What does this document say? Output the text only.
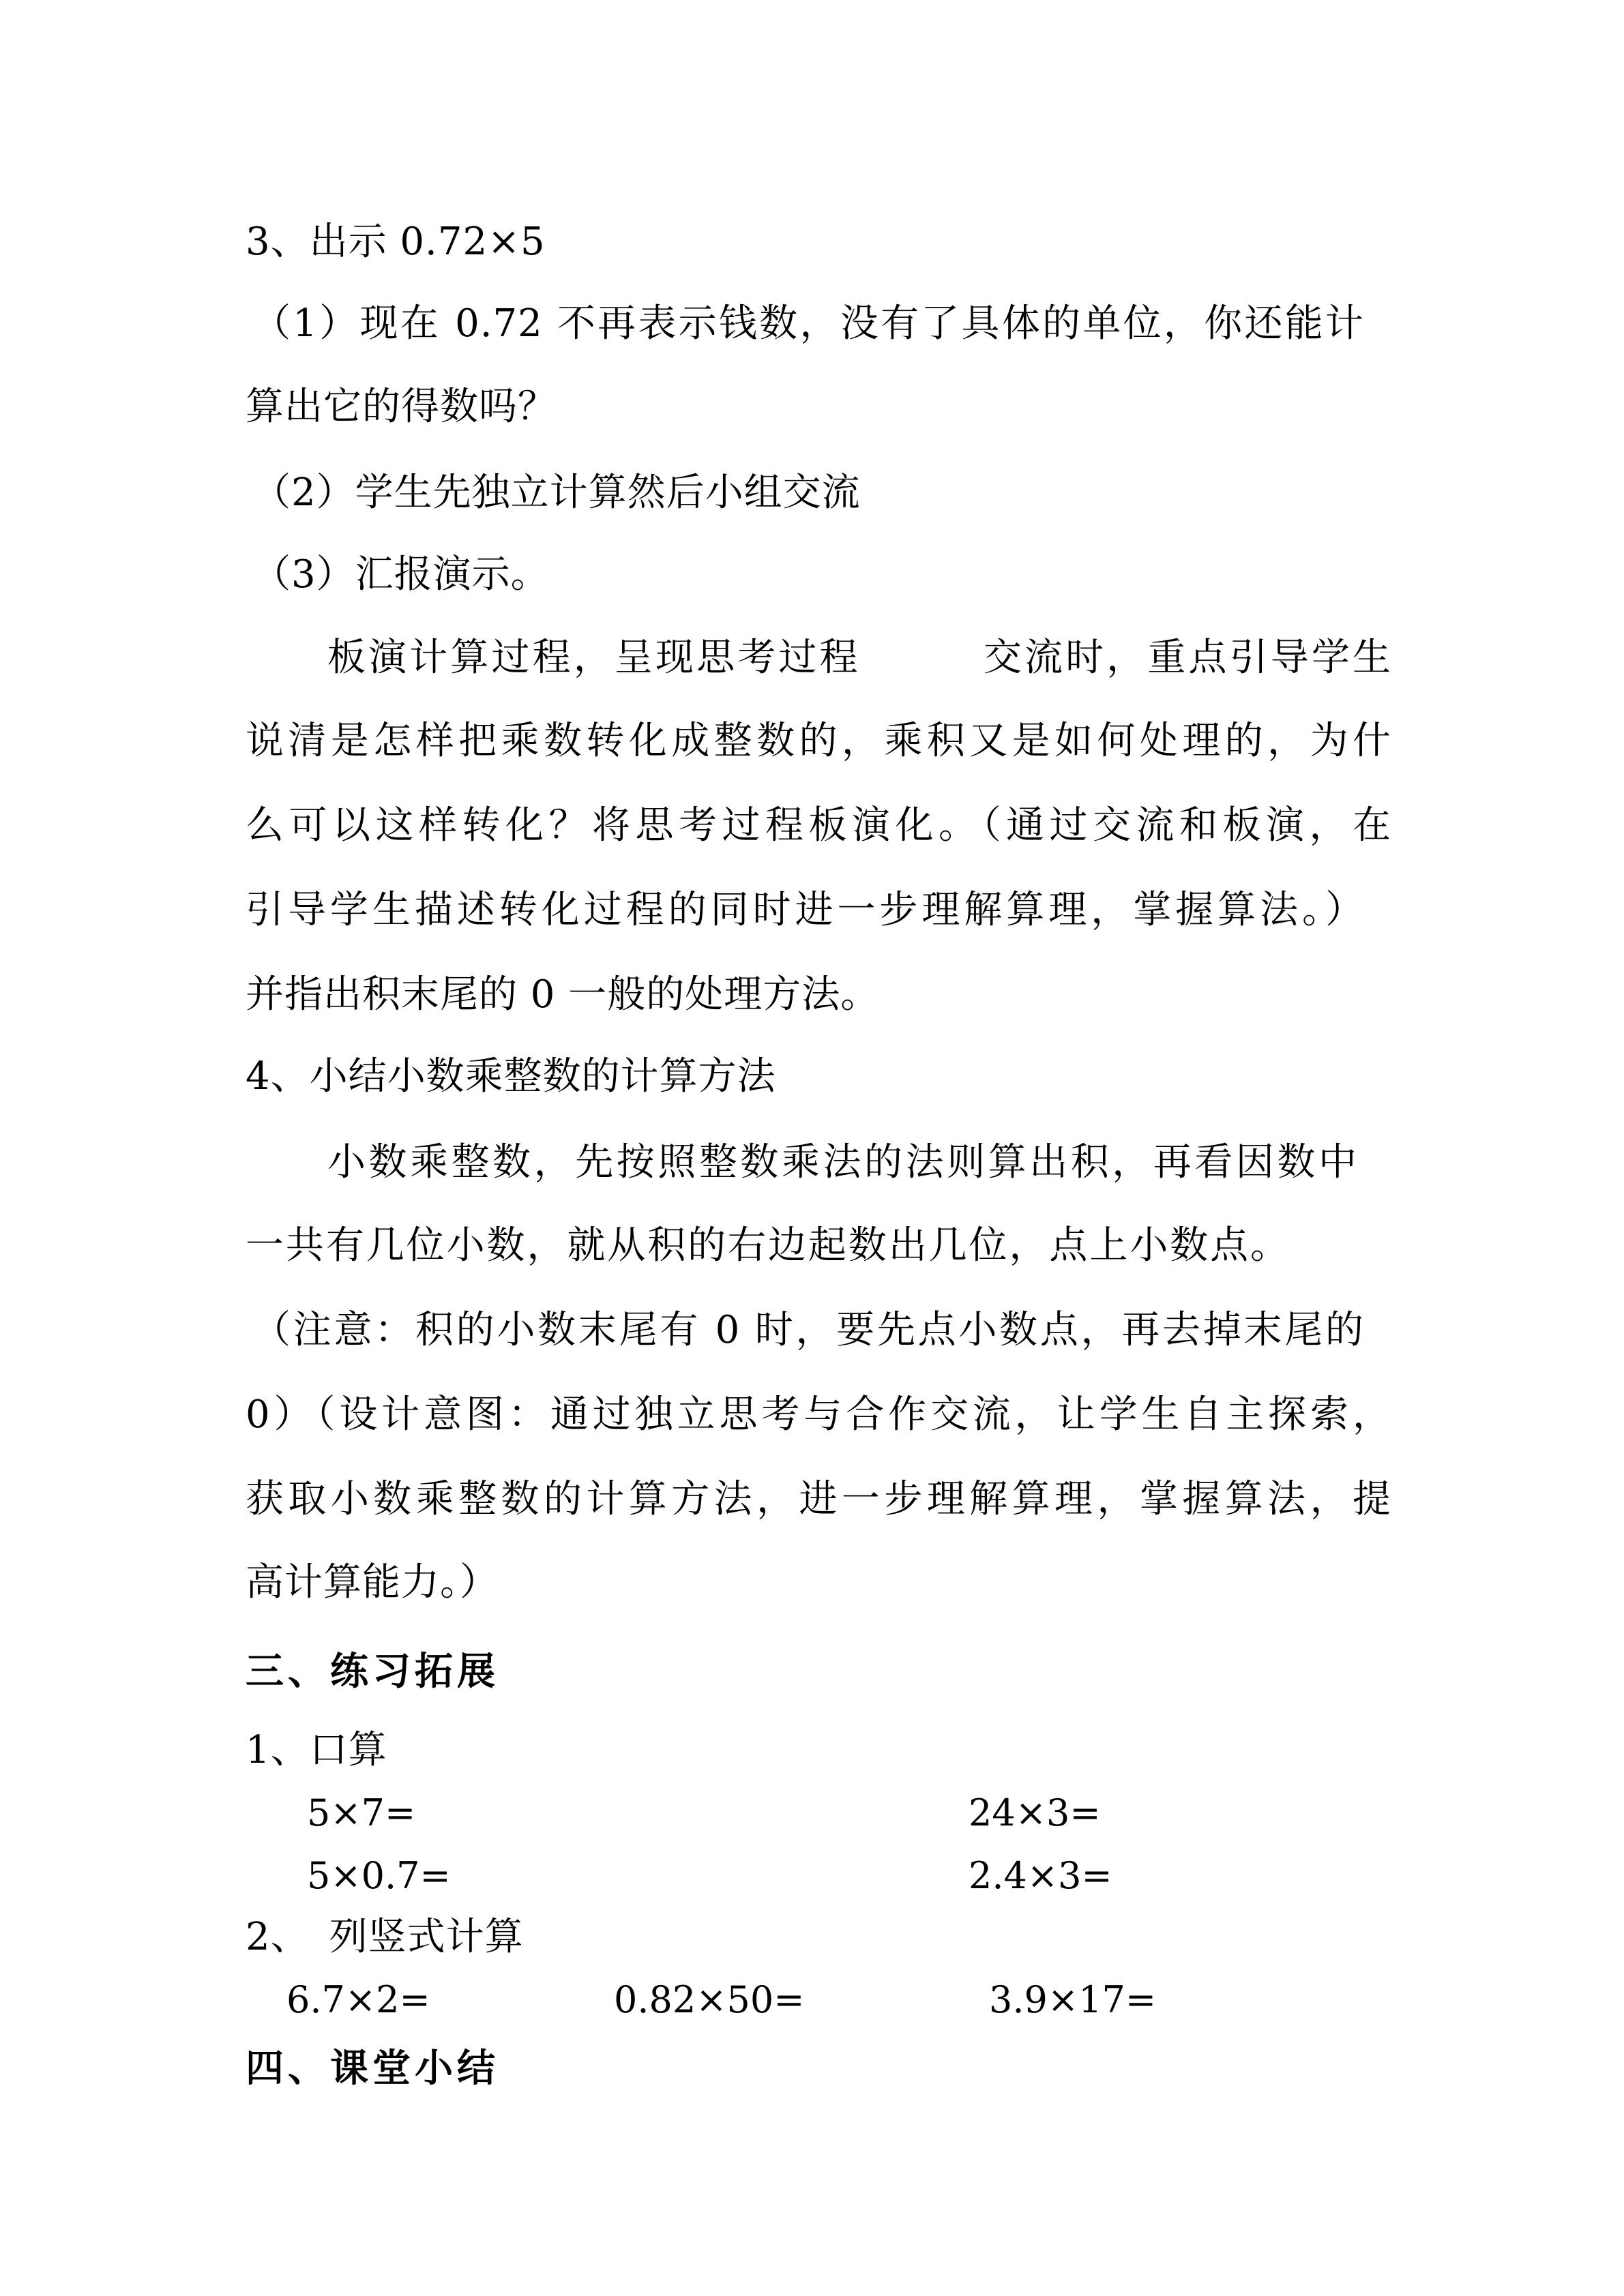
3、出示 0.72×5
（1）现在 0.72 不再表示钱数，没有了具体的单位，你还能计
算出它的得数吗？
（2）学生先独立计算然后小组交流
（3）汇报演示。
板演计算过程，呈现思考过程　　　交流时，重点引导学生
说清是怎样把乘数转化成整数的，乘积又是如何处理的，为什
么可以这样转化？将思考过程板演化。（通过交流和板演，在
引导学生描述转化过程的同时进一步理解算理，掌握算法。）
并指出积末尾的 0 一般的处理方法。
4、小结小数乘整数的计算方法
小数乘整数，先按照整数乘法的法则算出积，再看因数中
一共有几位小数，就从积的右边起数出几位，点上小数点。
（注意：积的小数末尾有 0 时，要先点小数点，再去掉末尾的
0）（设计意图：通过独立思考与合作交流，让学生自主探索，
获取小数乘整数的计算方法，进一步理解算理，掌握算法，提
高计算能力。）
三、练习拓展
1、口算
5×7=	24×3=
5×0.7=	2.4×3=
2、　列竖式计算
6.7×2=	0.82×50=	3.9×17=
四、课堂小结
